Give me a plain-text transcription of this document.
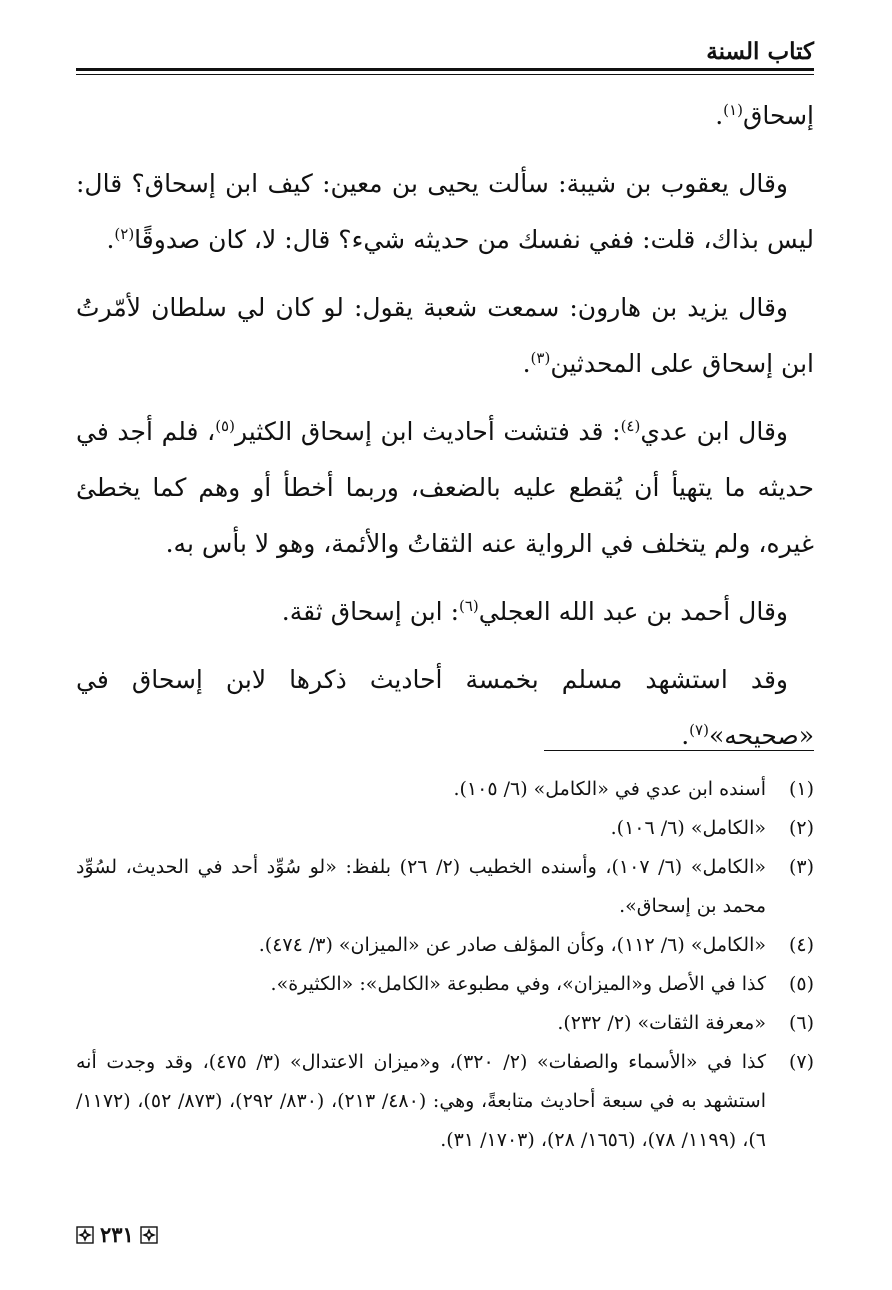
كتاب السنة

إسحاق$^{(١)}$.

وقال يعقوب بن شيبة: سألت يحيى بن معين: كيف ابن إسحاق؟ قال: ليس بذاك، قلت: ففي نفسك من حديثه شيء؟ قال: لا، كان صدوقًا$^{(٢)}$.

وقال يزيد بن هارون: سمعت شعبة يقول: لو كان لي سلطان لأمّرتُ ابن إسحاق على المحدثين$^{(٣)}$.

وقال ابن عدي$^{(٤)}$: قد فتشت أحاديث ابن إسحاق الكثير$^{(٥)}$، فلم أجد في حديثه ما يتهيأ أن يُقطع عليه بالضعف، وربما أخطأ أو وهم كما يخطئ غيره، ولم يتخلف في الرواية عنه الثقاتُ والأئمة، وهو لا بأس به.

وقال أحمد بن عبد الله العجلي$^{(٦)}$: ابن إسحاق ثقة.

وقد استشهد مسلم بخمسة أحاديث ذكرها لابن إسحاق في «صحيحه»$^{(٧)}$.

(١)
أسنده ابن عدي في «الكامل» (٦/ ١٠٥).
(٢)
«الكامل» (٦/ ١٠٦).
(٣)
«الكامل» (٦/ ١٠٧)، وأسنده الخطيب (٢/ ٢٦) بلفظ: «لو سُوِّد أحد في الحديث، لسُوِّد محمد بن إسحاق».
(٤)
«الكامل» (٦/ ١١٢)، وكأن المؤلف صادر عن «الميزان» (٣/ ٤٧٤).
(٥)
كذا في الأصل و«الميزان»، وفي مطبوعة «الكامل»: «الكثيرة».
(٦)
«معرفة الثقات» (٢/ ٢٣٢).
(٧)
كذا في «الأسماء والصفات» (٢/ ٣٢٠)، و«ميزان الاعتدال» (٣/ ٤٧٥)، وقد وجدت أنه استشهد به في سبعة أحاديث متابعةً، وهي: (٤٨٠/ ٢١٣)، (٨٣٠/ ٢٩٢)، (٨٧٣/ ٥٢)، (١١٧٢/ ٦)، (١١٩٩/ ٧٨)، (١٦٥٦/ ٢٨)، (١٧٠٣/ ٣١).
٢٣١
